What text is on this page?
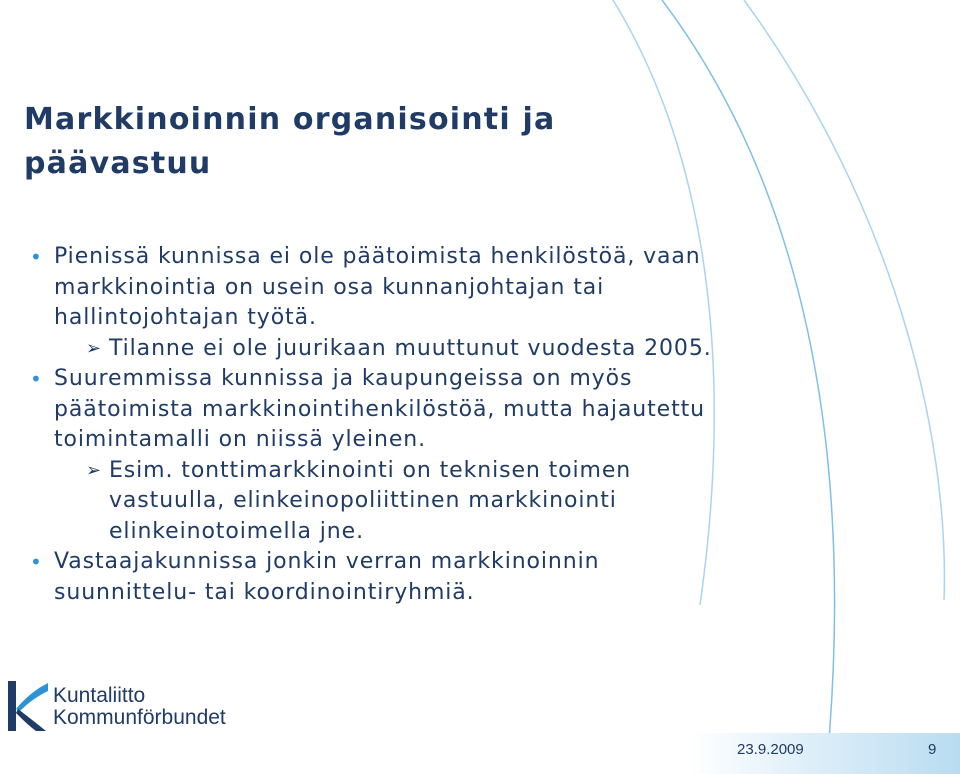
Markkinoinnin organisointi ja
päävastuu
• Pienissä kunnissa ei ole päätoimista henkilöstöä, vaan
markkinointia on usein osa kunnanjohtajan tai
hallintojohtajan työtä.
➢ Tilanne ei ole juurikaan muuttunut vuodesta 2005.
• Suuremmissa kunnissa ja kaupungeissa on myös
päätoimista markkinointihenkilöstöä, mutta hajautettu
toimintamalli on niissä yleinen.
➢ Esim. tonttimarkkinointi on teknisen toimen
vastuulla, elinkeinopoliittinen markkinointi
elinkeinotoimella jne.
• Vastaajakunnissa jonkin verran markkinoinnin
suunnittelu- tai koordinointiryhmiä.
Kuntaliitto
Kommunförbundet
23.9.2009	9
